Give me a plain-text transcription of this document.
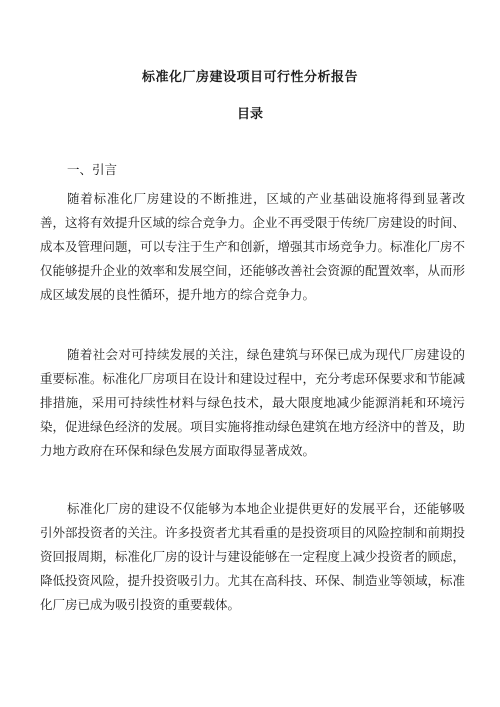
标准化厂房建设项目可行性分析报告
目录
一、引言

随着标准化厂房建设的不断推进，区域的产业基础设施将得到显著改善，这将有效提升区域的综合竞争力。企业不再受限于传统厂房建设的时间、成本及管理问题，可以专注于生产和创新，增强其市场竞争力。标准化厂房不仅能够提升企业的效率和发展空间，还能够改善社会资源的配置效率，从而形成区域发展的良性循环，提升地方的综合竞争力。

随着社会对可持续发展的关注，绿色建筑与环保已成为现代厂房建设的重要标准。标准化厂房项目在设计和建设过程中，充分考虑环保要求和节能减排措施，采用可持续性材料与绿色技术，最大限度地减少能源消耗和环境污染，促进绿色经济的发展。项目实施将推动绿色建筑在地方经济中的普及，助力地方政府在环保和绿色发展方面取得显著成效。

标准化厂房的建设不仅能够为本地企业提供更好的发展平台，还能够吸引外部投资者的关注。许多投资者尤其看重的是投资项目的风险控制和前期投资回报周期，标准化厂房的设计与建设能够在一定程度上减少投资者的顾虑，降低投资风险，提升投资吸引力。尤其在高科技、环保、制造业等领域，标准化厂房已成为吸引投资的重要载体。
